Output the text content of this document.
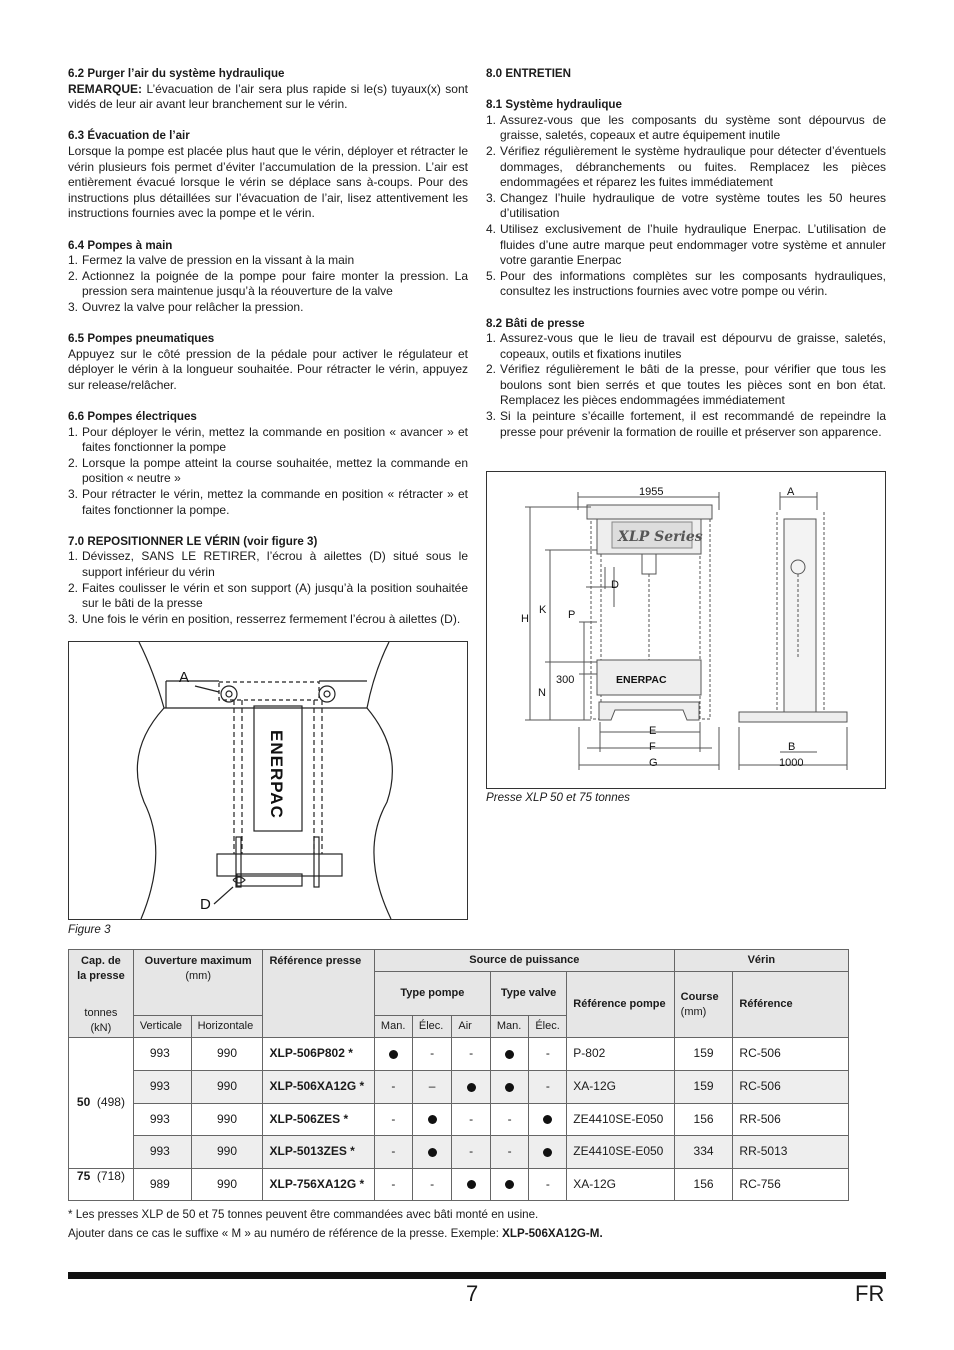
6.2 Purger l’air du système hydraulique

REMARQUE: L’évacuation de l’air sera plus rapide si le(s) tuyaux(x) sont vidés de leur air avant leur branchement sur le vérin.

6.3 Évacuation de l’air

Lorsque la pompe est placée plus haut que le vérin, déployer et rétracter le vérin plusieurs fois permet d’éviter l’accumulation de la pression. L’air est entièrement évacué lorsque le vérin se déplace sans à-coups. Pour des instructions plus détaillées sur l’évacuation de l’air, lisez attentivement les instructions fournies avec la pompe et le vérin.

6.4 Pompes à main
1. Fermez la valve de pression en la vissant à la main
2. Actionnez la poignée de la pompe pour faire monter la pression. La pression sera maintenue jusqu’à la réouverture de la valve
3. Ouvrez la valve pour relâcher la pression.
6.5 Pompes pneumatiques

Appuyez sur le côté pression de la pédale pour activer le régulateur et déployer le vérin à la longueur souhaitée. Pour rétracter le vérin, appuyez sur release/relâcher.

6.6 Pompes électriques
1. Pour déployer le vérin, mettez la commande en position « avancer » et faites fonctionner la pompe
2. Lorsque la pompe atteint la course souhaitée, mettez la commande en position « neutre »
3. Pour rétracter le vérin, mettez la commande en position « rétracter » et faites fonctionner la pompe.
7.0 REPOSITIONNER LE VÉRIN (voir figure 3)
1. Dévissez, SANS LE RETIRER, l’écrou à ailettes (D) situé sous le support inférieur du vérin
2. Faites coulisser le vérin et son support (A) jusqu’à la position souhaitée sur le bâti de la presse
3. Une fois le vérin en position, resserrez fermement l’écrou à ailettes (D).
8.0 ENTRETIEN
8.1 Système hydraulique
1. Assurez-vous que les composants du système sont dépourvus de graisse, saletés, copeaux et autre équipement inutile
2. Vérifiez régulièrement le système hydraulique pour détecter d’éventuels dommages, débranchements ou fuites. Remplacez les pièces endommagées et réparez les fuites immédiatement
3. Changez l’huile hydraulique de votre système toutes les 50 heures d’utilisation
4. Utilisez exclusivement de l’huile hydraulique Enerpac. L’utilisation de fluides d’une autre marque peut endommager votre système et annuler votre garantie Enerpac
5. Pour des informations complètes sur les composants hydrauliques, consultez les instructions fournies avec votre pompe ou vérin.
8.2 Bâti de presse
1. Assurez-vous que le lieu de travail est dépourvu de graisse, saletés, copeaux, outils et fixations inutiles
2. Vérifiez régulièrement le bâti de la presse, pour vérifier que tous les boulons sont bien serrés et que toutes les pièces sont en bon état. Remplacez les pièces endommagées immédiatement
3. Si la peinture s’écaille fortement, il est recommandé de repeindre la presse pour prévenir la formation de rouille et préserver son apparence.
A
D
ENERPAC
Figure 3
XLP Series
ENERPAC
1955	A
H
K P
D
N
300
E
F
G
B
1000
Presse XLP 50 et 75 tonnes
Cap. de la presse
tonnes
(kN)	Ouverture maximum (mm)		Référence presse	Source de puissance						Vérin	
				Type pompe			Type valve		Référence pompe	Course
(mm)	Référence
	Verticale	Horizontale		Man.	Élec.	Air	Man.	Élec.			
50 (498)	993	990	XLP-506P802 *		-	-		-	P-802	159	RC-506
	993	990	XLP-506XA12G *	-	–			-	XA-12G	159	RC-506
	993	990	XLP-506ZES *	-		-	-		ZE4410SE-E050	156	RR-506
	993	990	XLP-5013ZES *	-		-	-		ZE4410SE-E050	334	RR-5013
75 (718)	989	990	XLP-756XA12G *	-	-			-	XA-12G	156	RC-756
* Les presses XLP de 50 et 75 tonnes peuvent être commandées avec bâti monté en usine.
Ajouter dans ce cas le suffixe « M » au numéro de référence de la presse. Exemple: XLP-506XA12G-M.
7	FR
